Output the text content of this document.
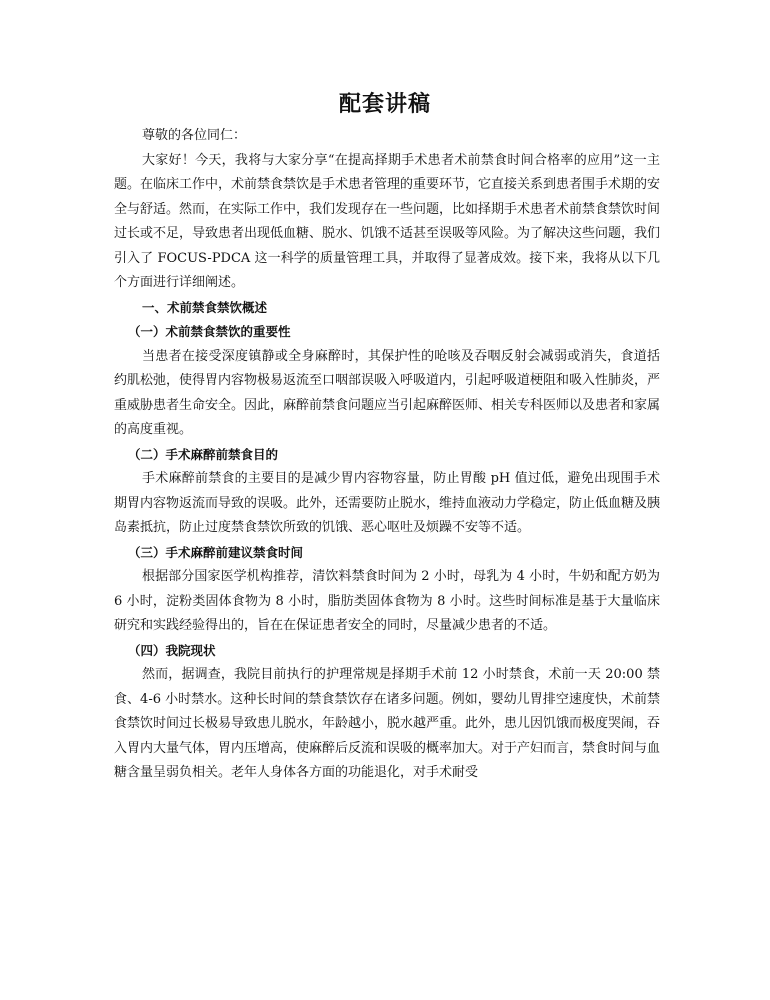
配套讲稿

尊敬的各位同仁：

大家好！今天，我将与大家分享“在提高择期手术患者术前禁食时间合格率的应用”这一主题。在临床工作中，术前禁食禁饮是手术患者管理的重要环节，它直接关系到患者围手术期的安全与舒适。然而，在实际工作中，我们发现存在一些问题，比如择期手术患者术前禁食禁饮时间过长或不足，导致患者出现低血糖、脱水、饥饿不适甚至误吸等风险。为了解决这些问题，我们引入了 FOCUS-PDCA 这一科学的质量管理工具，并取得了显著成效。接下来，我将从以下几个方面进行详细阐述。

一、术前禁食禁饮概述

（一）术前禁食禁饮的重要性

当患者在接受深度镇静或全身麻醉时，其保护性的呛咳及吞咽反射会减弱或消失，食道括约肌松弛，使得胃内容物极易返流至口咽部误吸入呼吸道内，引起呼吸道梗阻和吸入性肺炎，严重威胁患者生命安全。因此，麻醉前禁食问题应当引起麻醉医师、相关专科医师以及患者和家属的高度重视。

（二）手术麻醉前禁食目的

手术麻醉前禁食的主要目的是减少胃内容物容量，防止胃酸 pH 值过低，避免出现围手术期胃内容物返流而导致的误吸。此外，还需要防止脱水，维持血液动力学稳定，防止低血糖及胰岛素抵抗，防止过度禁食禁饮所致的饥饿、恶心呕吐及烦躁不安等不适。

（三）手术麻醉前建议禁食时间

根据部分国家医学机构推荐，清饮料禁食时间为 2 小时，母乳为 4 小时，牛奶和配方奶为 6 小时，淀粉类固体食物为 8 小时，脂肪类固体食物为 8 小时。这些时间标准是基于大量临床研究和实践经验得出的，旨在在保证患者安全的同时，尽量减少患者的不适。

（四）我院现状

然而，据调查，我院目前执行的护理常规是择期手术前 12 小时禁食，术前一天 20:00 禁食、4-6 小时禁水。这种长时间的禁食禁饮存在诸多问题。例如，婴幼儿胃排空速度快，术前禁食禁饮时间过长极易导致患儿脱水，年龄越小，脱水越严重。此外，患儿因饥饿而极度哭闹，吞入胃内大量气体，胃内压增高，使麻醉后反流和误吸的概率加大。对于产妇而言，禁食时间与血糖含量呈弱负相关。老年人身体各方面的功能退化，对手术耐受
